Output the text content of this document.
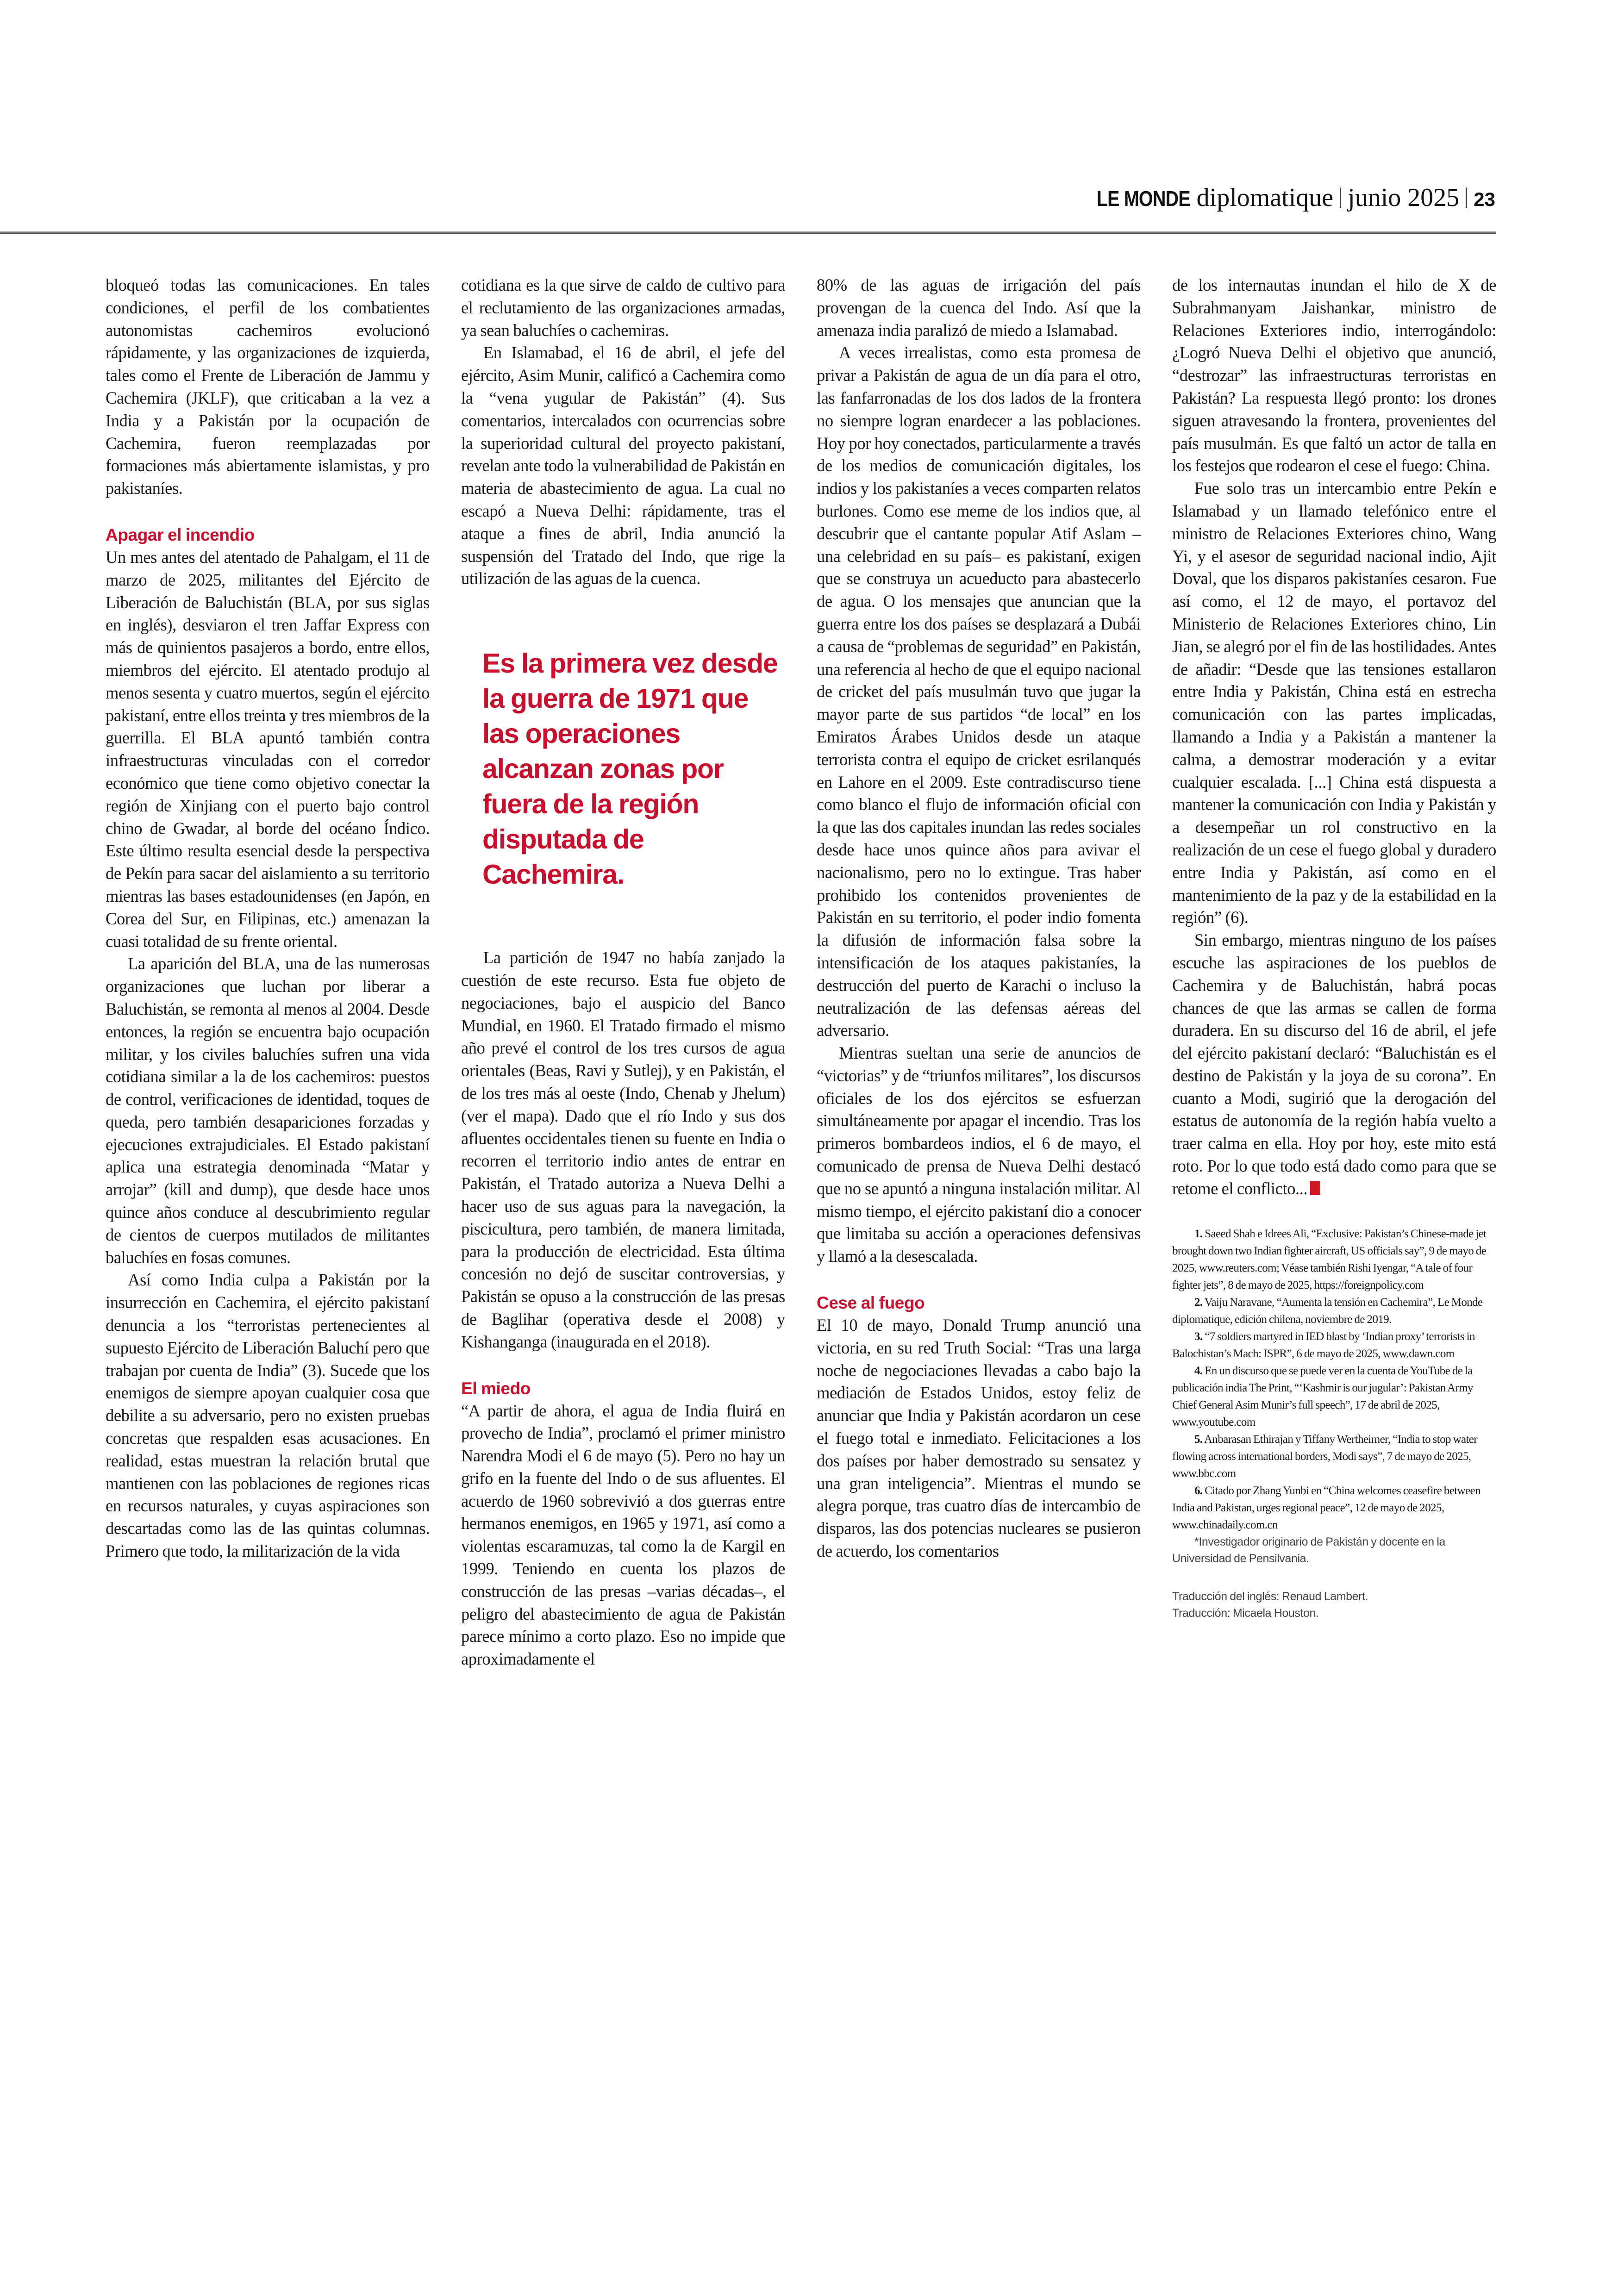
LE MONDE diplomatique junio 2025 23

bloqueó todas las comunicaciones. En tales condiciones, el perfil de los combatientes autonomistas cachemiros evolucionó rápidamente, y las organizaciones de izquierda, tales como el Frente de Liberación de Jammu y Cachemira (JKLF), que criticaban a la vez a India y a Pakistán por la ocupación de Cachemira, fueron reemplazadas por formaciones más abiertamente islamistas, y pro pakistaníes.

Apagar el incendio

Un mes antes del atentado de Pahalgam, el 11 de marzo de 2025, militantes del Ejército de Liberación de Baluchistán (BLA, por sus siglas en inglés), desviaron el tren Jaffar Express con más de quinientos pasajeros a bordo, entre ellos, miembros del ejército. El atentado produjo al menos sesenta y cuatro muertos, según el ejército pakistaní, entre ellos treinta y tres miembros de la guerrilla. El BLA apuntó también contra infraestructuras vinculadas con el corredor económico que tiene como objetivo conectar la región de Xinjiang con el puerto bajo control chino de Gwadar, al borde del océano Índico. Este último resulta esencial desde la perspectiva de Pekín para sacar del aislamiento a su territorio mientras las bases estadounidenses (en Japón, en Corea del Sur, en Filipinas, etc.) amenazan la cuasi totalidad de su frente oriental.

La aparición del BLA, una de las numerosas organizaciones que luchan por liberar a Baluchistán, se remonta al menos al 2004. Desde entonces, la región se encuentra bajo ocupación militar, y los civiles baluchíes sufren una vida cotidiana similar a la de los cachemiros: puestos de control, verificaciones de identidad, toques de queda, pero también desapariciones forzadas y ejecuciones extrajudiciales. El Estado pakistaní aplica una estrategia denominada “Matar y arrojar” (kill and dump), que desde hace unos quince años conduce al descubrimiento regular de cientos de cuerpos mutilados de militantes baluchíes en fosas comunes.

Así como India culpa a Pakistán por la insurrección en Cachemira, el ejército pakistaní denuncia a los “terroristas pertenecientes al supuesto Ejército de Liberación Baluchí pero que trabajan por cuenta de India” (3). Sucede que los enemigos de siempre apoyan cualquier cosa que debilite a su adversario, pero no existen pruebas concretas que respalden esas acusaciones. En realidad, estas muestran la relación brutal que mantienen con las poblaciones de regiones ricas en recursos naturales, y cuyas aspiraciones son descartadas como las de las quintas columnas. Primero que todo, la militarización de la vida

cotidiana es la que sirve de caldo de cultivo para el reclutamiento de las organizaciones armadas, ya sean baluchíes o cachemiras.

En Islamabad, el 16 de abril, el jefe del ejército, Asim Munir, calificó a Cachemira como la “vena yugular de Pakistán” (4). Sus comentarios, intercalados con ocurrencias sobre la superioridad cultural del proyecto pakistaní, revelan ante todo la vulnerabilidad de Pakistán en materia de abastecimiento de agua. La cual no escapó a Nueva Delhi: rápidamente, tras el ataque a fines de abril, India anunció la suspensión del Tratado del Indo, que rige la utilización de las aguas de la cuenca.

Es la primera vez desde la guerra de 1971 que las operaciones alcanzan zonas por fuera de la región disputada de Cachemira.

La partición de 1947 no había zanjado la cuestión de este recurso. Esta fue objeto de negociaciones, bajo el auspicio del Banco Mundial, en 1960. El Tratado firmado el mismo año prevé el control de los tres cursos de agua orientales (Beas, Ravi y Sutlej), y en Pakistán, el de los tres más al oeste (Indo, Chenab y Jhelum) (ver el mapa). Dado que el río Indo y sus dos afluentes occidentales tienen su fuente en India o recorren el territorio indio antes de entrar en Pakistán, el Tratado autoriza a Nueva Delhi a hacer uso de sus aguas para la navegación, la piscicultura, pero también, de manera limitada, para la producción de electricidad. Esta última concesión no dejó de suscitar controversias, y Pakistán se opuso a la construcción de las presas de Baglihar (operativa desde el 2008) y Kishanganga (inaugurada en el 2018).

El miedo

“A partir de ahora, el agua de India fluirá en provecho de India”, proclamó el primer ministro Narendra Modi el 6 de mayo (5). Pero no hay un grifo en la fuente del Indo o de sus afluentes. El acuerdo de 1960 sobrevivió a dos guerras entre hermanos enemigos, en 1965 y 1971, así como a violentas escaramuzas, tal como la de Kargil en 1999. Teniendo en cuenta los plazos de construcción de las presas –varias décadas–, el peligro del abastecimiento de agua de Pakistán parece mínimo a corto plazo. Eso no impide que aproximadamente el

80% de las aguas de irrigación del país provengan de la cuenca del Indo. Así que la amenaza india paralizó de miedo a Islamabad.

A veces irrealistas, como esta promesa de privar a Pakistán de agua de un día para el otro, las fanfarronadas de los dos lados de la frontera no siempre logran enardecer a las poblaciones. Hoy por hoy conectados, particularmente a través de los medios de comunicación digitales, los indios y los pakistaníes a veces comparten relatos burlones. Como ese meme de los indios que, al descubrir que el cantante popular Atif Aslam –una celebridad en su país– es pakistaní, exigen que se construya un acueducto para abastecerlo de agua. O los mensajes que anuncian que la guerra entre los dos países se desplazará a Dubái a causa de “problemas de seguridad” en Pakistán, una referencia al hecho de que el equipo nacional de cricket del país musulmán tuvo que jugar la mayor parte de sus partidos “de local” en los Emiratos Árabes Unidos desde un ataque terrorista contra el equipo de cricket esrilanqués en Lahore en el 2009. Este contradiscurso tiene como blanco el flujo de información oficial con la que las dos capitales inundan las redes sociales desde hace unos quince años para avivar el nacionalismo, pero no lo extingue. Tras haber prohibido los contenidos provenientes de Pakistán en su territorio, el poder indio fomenta la difusión de información falsa sobre la intensificación de los ataques pakistaníes, la destrucción del puerto de Karachi o incluso la neutralización de las defensas aéreas del adversario.

Mientras sueltan una serie de anuncios de “victorias” y de “triunfos militares”, los discursos oficiales de los dos ejércitos se esfuerzan simultáneamente por apagar el incendio. Tras los primeros bombardeos indios, el 6 de mayo, el comunicado de prensa de Nueva Delhi destacó que no se apuntó a ninguna instalación militar. Al mismo tiempo, el ejército pakistaní dio a conocer que limitaba su acción a operaciones defensivas y llamó a la desescalada.

Cese al fuego

El 10 de mayo, Donald Trump anunció una victoria, en su red Truth Social: “Tras una larga noche de negociaciones llevadas a cabo bajo la mediación de Estados Unidos, estoy feliz de anunciar que India y Pakistán acordaron un cese el fuego total e inmediato. Felicitaciones a los dos países por haber demostrado su sensatez y una gran inteligencia”. Mientras el mundo se alegra porque, tras cuatro días de intercambio de disparos, las dos potencias nucleares se pusieron de acuerdo, los comentarios

de los internautas inundan el hilo de X de Subrahmanyam Jaishankar, ministro de Relaciones Exteriores indio, interrogándolo: ¿Logró Nueva Delhi el objetivo que anunció, “destrozar” las infraestructuras terroristas en Pakistán? La respuesta llegó pronto: los drones siguen atravesando la frontera, provenientes del país musulmán. Es que faltó un actor de talla en los festejos que rodearon el cese el fuego: China.

Fue solo tras un intercambio entre Pekín e Islamabad y un llamado telefónico entre el ministro de Relaciones Exteriores chino, Wang Yi, y el asesor de seguridad nacional indio, Ajit Doval, que los disparos pakistaníes cesaron. Fue así como, el 12 de mayo, el portavoz del Ministerio de Relaciones Exteriores chino, Lin Jian, se alegró por el fin de las hostilidades. Antes de añadir: “Desde que las tensiones estallaron entre India y Pakistán, China está en estrecha comunicación con las partes implicadas, llamando a India y a Pakistán a mantener la calma, a demostrar moderación y a evitar cualquier escalada. [...] China está dispuesta a mantener la comunicación con India y Pakistán y a desempeñar un rol constructivo en la realización de un cese el fuego global y duradero entre India y Pakistán, así como en el mantenimiento de la paz y de la estabilidad en la región” (6).

Sin embargo, mientras ninguno de los países escuche las aspiraciones de los pueblos de Cachemira y de Baluchistán, habrá pocas chances de que las armas se callen de forma duradera. En su discurso del 16 de abril, el jefe del ejército pakistaní declaró: “Baluchistán es el destino de Pakistán y la joya de su corona”. En cuanto a Modi, sugirió que la derogación del estatus de autonomía de la región había vuelto a traer calma en ella. Hoy por hoy, este mito está roto. Por lo que todo está dado como para que se retome el conflicto...

1. Saeed Shah e Idrees Ali, “Exclusive: Pakistan’s Chinese-made jet brought down two Indian fighter aircraft, US officials say”, 9 de mayo de 2025, www.reuters.com; Véase también Rishi Iyengar, “A tale of four fighter jets”, 8 de mayo de 2025, https://foreignpolicy.com

2. Vaiju Naravane, “Aumenta la tensión en Cachemira”, Le Monde diplomatique, edición chilena, noviembre de 2019.

3. “7 soldiers martyred in IED blast by ‘Indian proxy’ terrorists in Balochistan’s Mach: ISPR”, 6 de mayo de 2025, www.dawn.com

4. En un discurso que se puede ver en la cuenta de YouTube de la publicación india The Print, “‘Kashmir is our jugular’: Pakistan Army Chief General Asim Munir’s full speech”, 17 de abril de 2025, www.youtube.com

5. Anbarasan Ethirajan y Tiffany Wertheimer, “India to stop water flowing across international borders, Modi says”, 7 de mayo de 2025, www.bbc.com

6. Citado por Zhang Yunbi en “China welcomes ceasefire between India and Pakistan, urges regional peace”, 12 de mayo de 2025, www.chinadaily.com.cn

*Investigador originario de Pakistán y docente en la Universidad de Pensilvania.

Traducción del inglés: Renaud Lambert.
Traducción: Micaela Houston.
